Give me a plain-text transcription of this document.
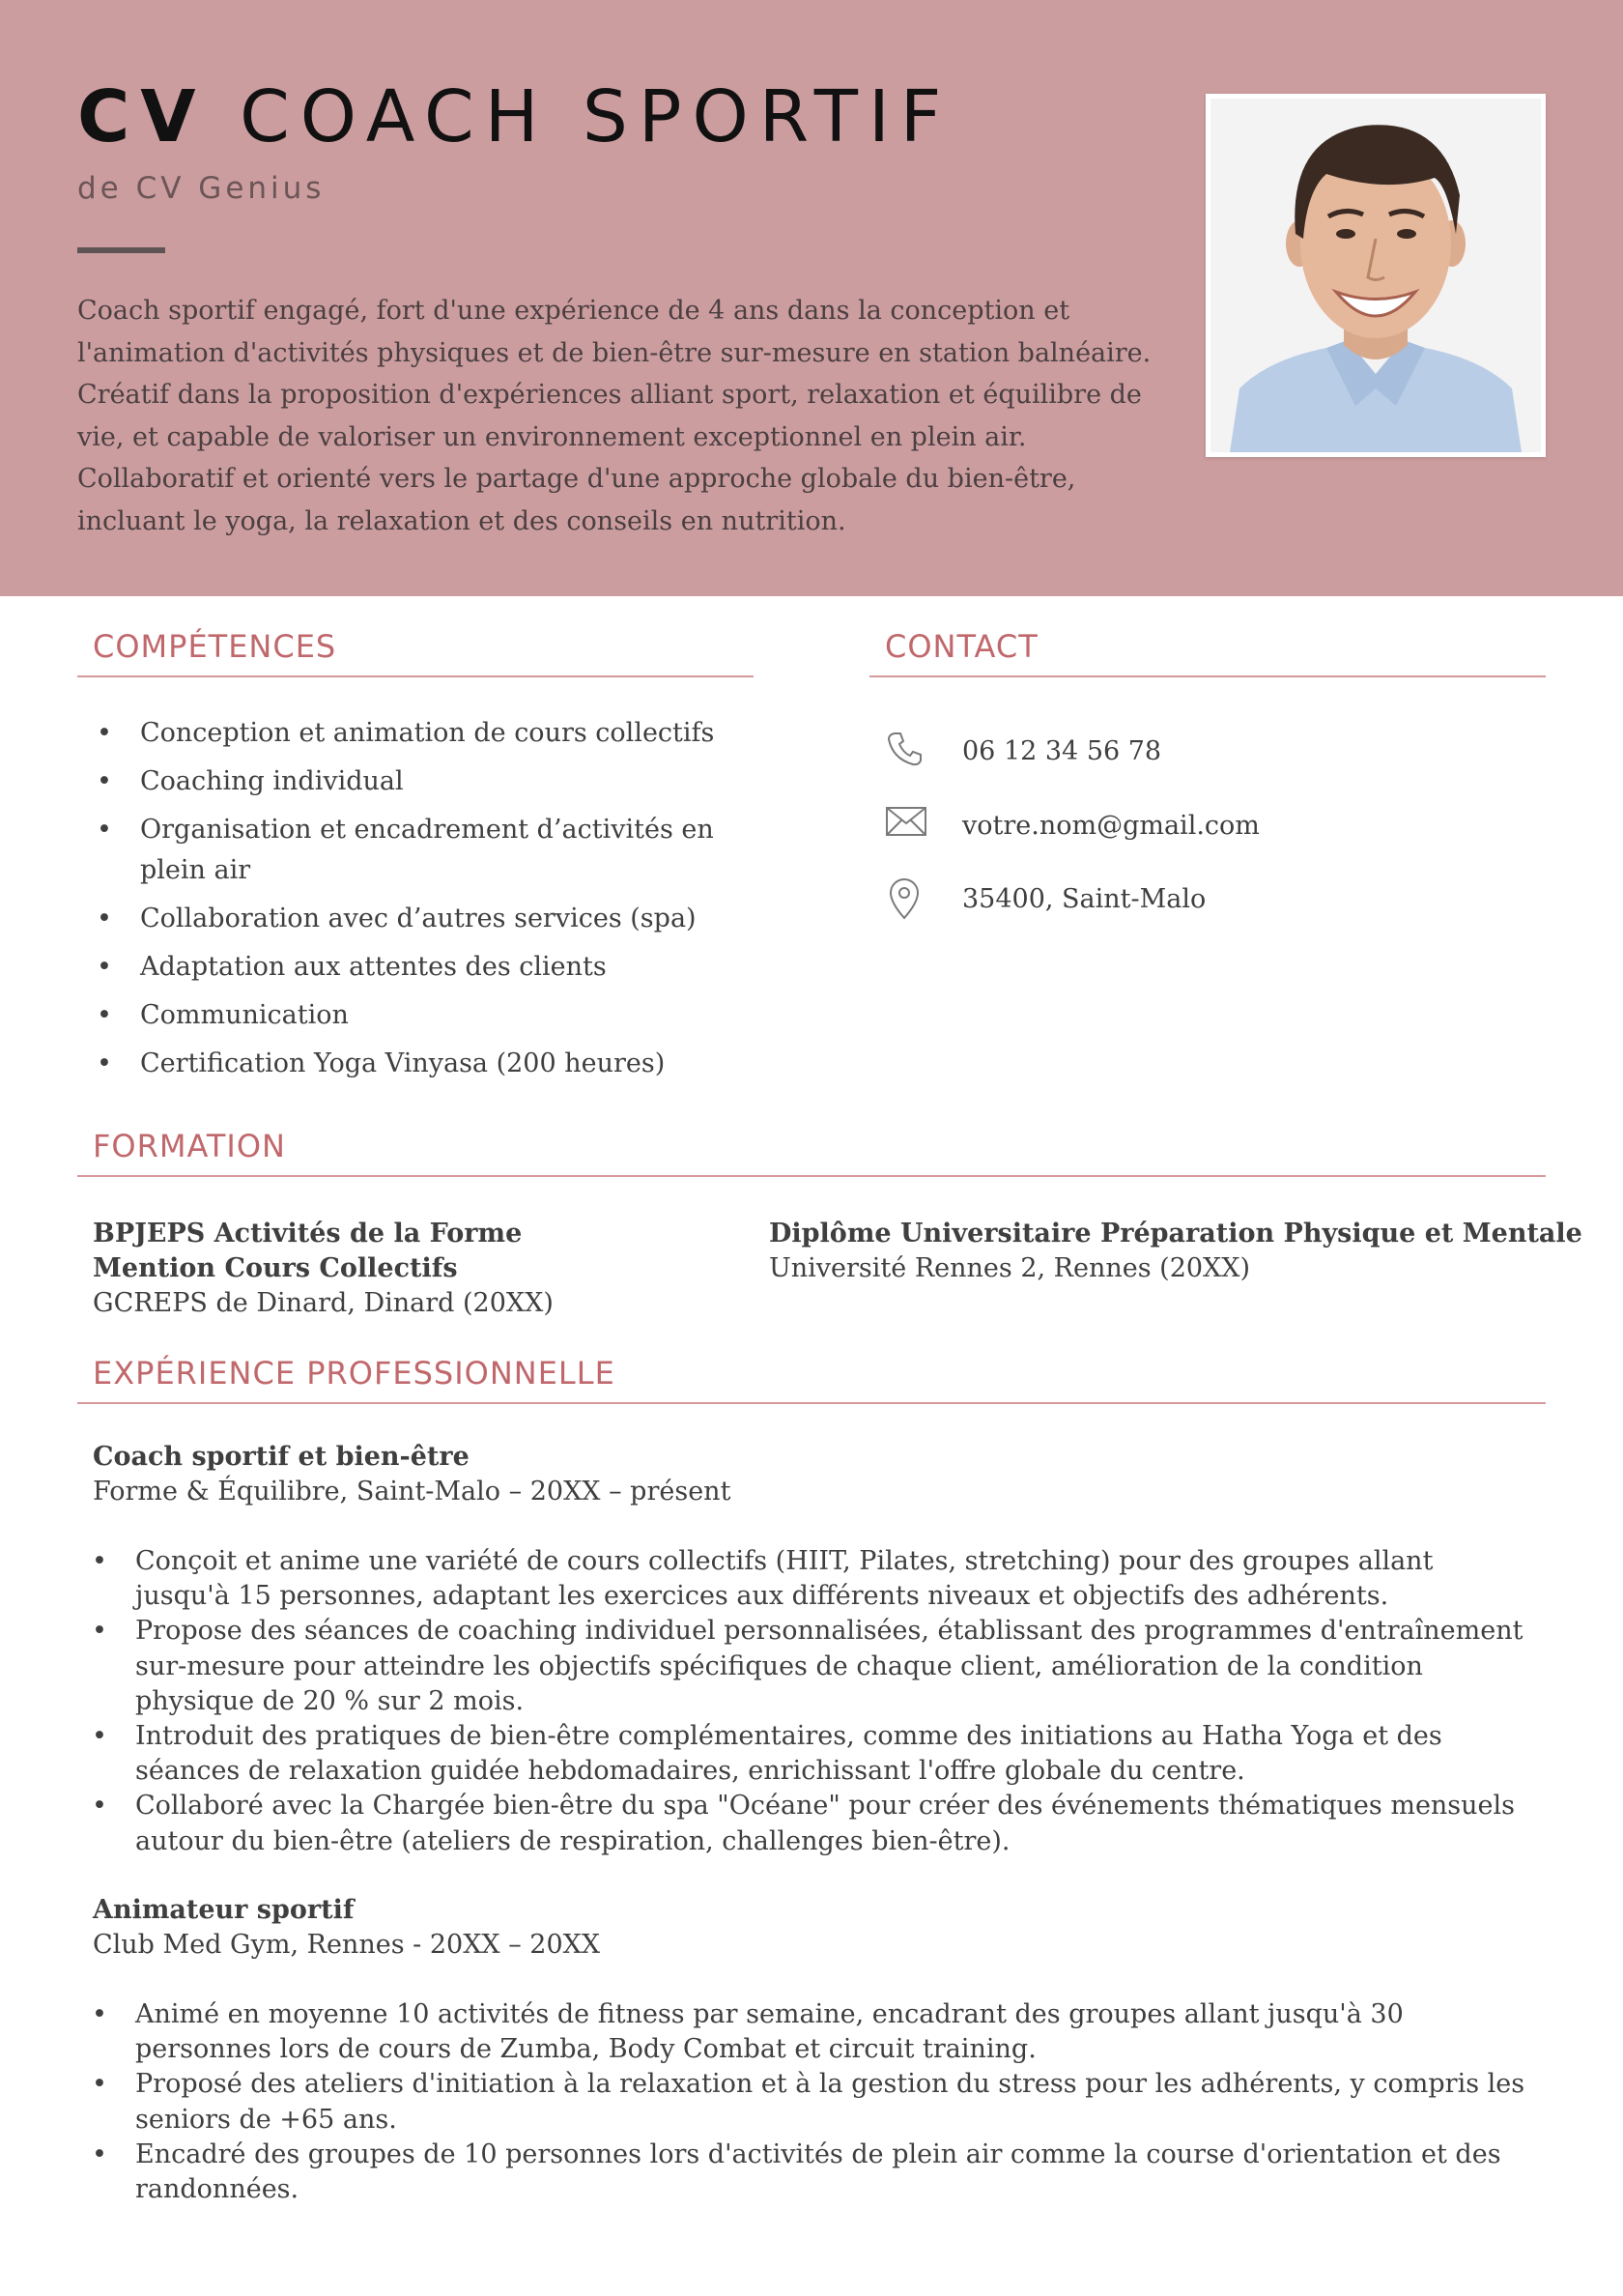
CV COACH SPORTIF
de CV Genius

Coach sportif engagé, fort d'une expérience de 4 ans dans la conception et l'animation d'activités physiques et de bien-être sur-mesure en station balnéaire. Créatif dans la proposition d'expériences alliant sport, relaxation et équilibre de vie, et capable de valoriser un environnement exceptionnel en plein air. Collaboratif et orienté vers le partage d'une approche globale du bien-être, incluant le yoga, la relaxation et des conseils en nutrition.

COMPÉTENCES
• Conception et animation de cours collectifs
• Coaching individual
• Organisation et encadrement d’activités en plein air
• Collaboration avec d’autres services (spa)
• Adaptation aux attentes des clients
• Communication
• Certification Yoga Vinyasa (200 heures)
CONTACT
06 12 34 56 78
votre.nom@gmail.com
35400, Saint-Malo
FORMATION
BPJEPS Activités de la Forme
Mention Cours Collectifs
GCREPS de Dinard, Dinard (20XX)
Diplôme Universitaire Préparation Physique et Mentale
Université Rennes 2, Rennes (20XX)
EXPÉRIENCE PROFESSIONNELLE
Coach sportif et bien-être
Forme & Équilibre, Saint-Malo – 20XX – présent
• Conçoit et anime une variété de cours collectifs (HIIT, Pilates, stretching) pour des groupes allant jusqu'à 15 personnes, adaptant les exercices aux différents niveaux et objectifs des adhérents.
• Propose des séances de coaching individuel personnalisées, établissant des programmes d'entraînement sur-mesure pour atteindre les objectifs spécifiques de chaque client, amélioration de la condition physique de 20 % sur 2 mois.
• Introduit des pratiques de bien-être complémentaires, comme des initiations au Hatha Yoga et des séances de relaxation guidée hebdomadaires, enrichissant l'offre globale du centre.
• Collaboré avec la Chargée bien-être du spa "Océane" pour créer des événements thématiques mensuels autour du bien-être (ateliers de respiration, challenges bien-être).
Animateur sportif
Club Med Gym, Rennes - 20XX – 20XX
• Animé en moyenne 10 activités de fitness par semaine, encadrant des groupes allant jusqu'à 30 personnes lors de cours de Zumba, Body Combat et circuit training.
• Proposé des ateliers d'initiation à la relaxation et à la gestion du stress pour les adhérents, y compris les seniors de +65 ans.
• Encadré des groupes de 10 personnes lors d'activités de plein air comme la course d'orientation et des randonnées.
